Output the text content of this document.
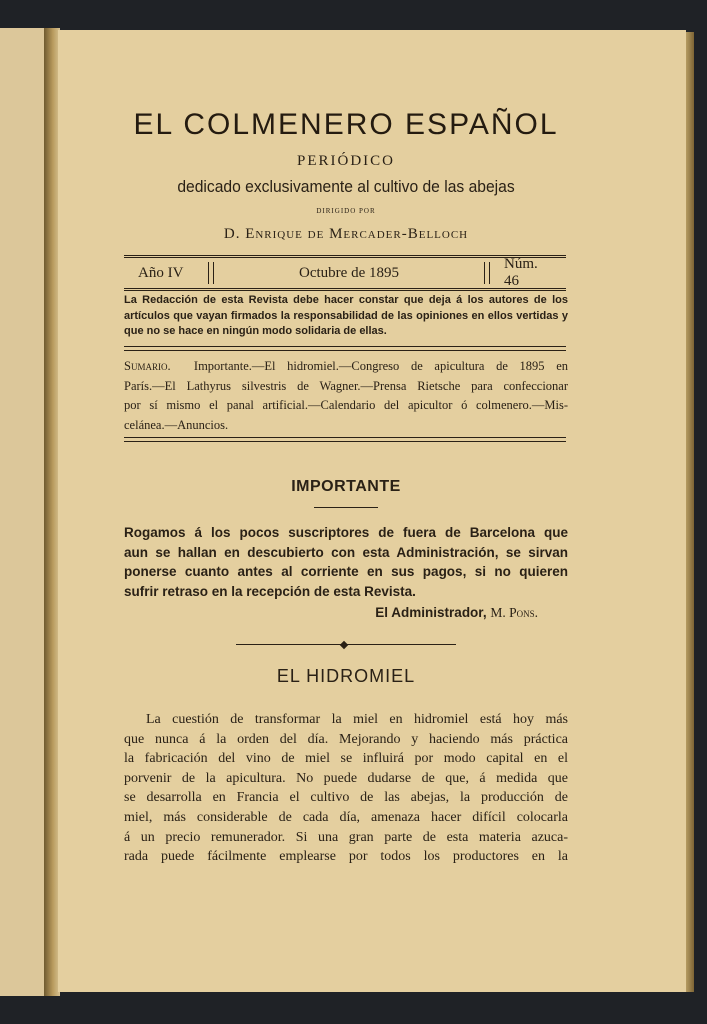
EL COLMENERO ESPAÑOL
PERIÓDICO
dedicado exclusivamente al cultivo de las abejas
DIRIGIDO POR
D. Enrique de Mercader-Belloch
Año IV	Octubre de 1895
Núm. 46
La Redacción de esta Revista debe hacer constar que deja á los autores de los artículos que vayan firmados la responsabilidad de las opiniones en ellos vertidas y que no se hace en ningún modo solidaria de ellas.
Sumario. Importante.—El hidromiel.—Congreso de apicultura de 1895 en
París.—El Lathyrus silvestris de Wagner.—Prensa Rietsche para confeccionar
por sí mismo el panal artificial.—Calendario del apicultor ó colmenero.—Mis-
celánea.—Anuncios.
IMPORTANTE
Rogamos á los pocos suscriptores de fuera de Barcelona que
aun se hallan en descubierto con esta Administración, se sirvan
ponerse cuanto antes al corriente en sus pagos, si no quieren
sufrir retraso en la recepción de esta Revista.
El Administrador, M. Pons.
EL HIDROMIEL
La cuestión de transformar la miel en hidromiel está hoy más
que nunca á la orden del día. Mejorando y haciendo más práctica
la fabricación del vino de miel se influirá por modo capital en el
porvenir de la apicultura. No puede dudarse de que, á medida que
se desarrolla en Francia el cultivo de las abejas, la producción de
miel, más considerable de cada día, amenaza hacer difícil colocarla
á un precio remunerador. Si una gran parte de esta materia azuca-
rada puede fácilmente emplearse por todos los productores en la
